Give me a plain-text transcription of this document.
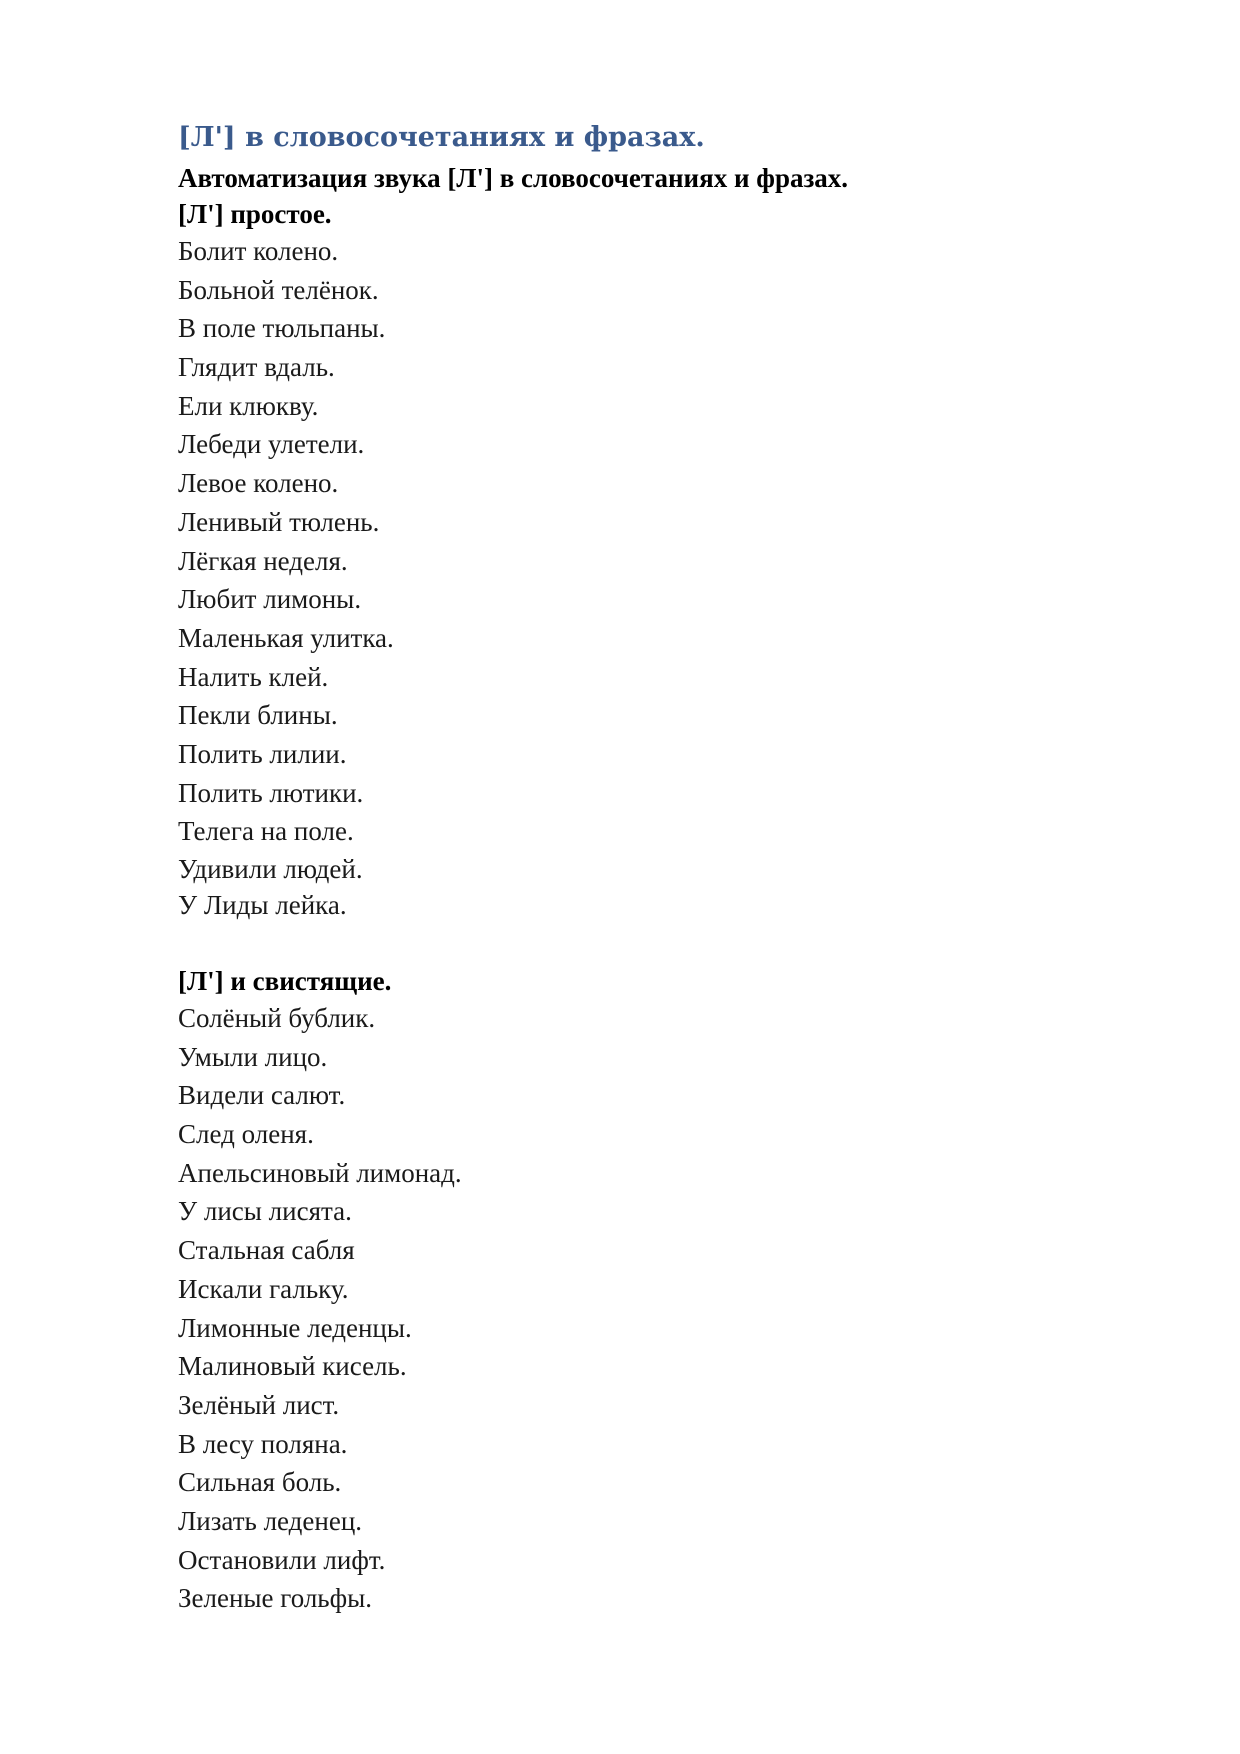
[Л'] в словосочетаниях и фразах.
Автоматизация звука [Л'] в словосочетаниях и фразах.
[Л'] простое.
Болит колено.
Больной телёнок.
В поле тюльпаны.
Глядит вдаль.
Ели клюкву.
Лебеди улетели.
Левое колено.
Ленивый тюлень.
Лёгкая неделя.
Любит лимоны.
Маленькая улитка.
Налить клей.
Пекли блины.
Полить лилии.
Полить лютики.
Телега на поле.
Удивили людей.
У Лиды лейка.
[Л'] и свистящие.
Солёный бублик.
Умыли лицо.
Видели салют.
След оленя.
Апельсиновый лимонад.
У лисы лисята.
Стальная сабля
Искали гальку.
Лимонные леденцы.
Малиновый кисель.
Зелёный лист.
В лесу поляна.
Сильная боль.
Лизать леденец.
Остановили лифт.
Зеленые гольфы.
